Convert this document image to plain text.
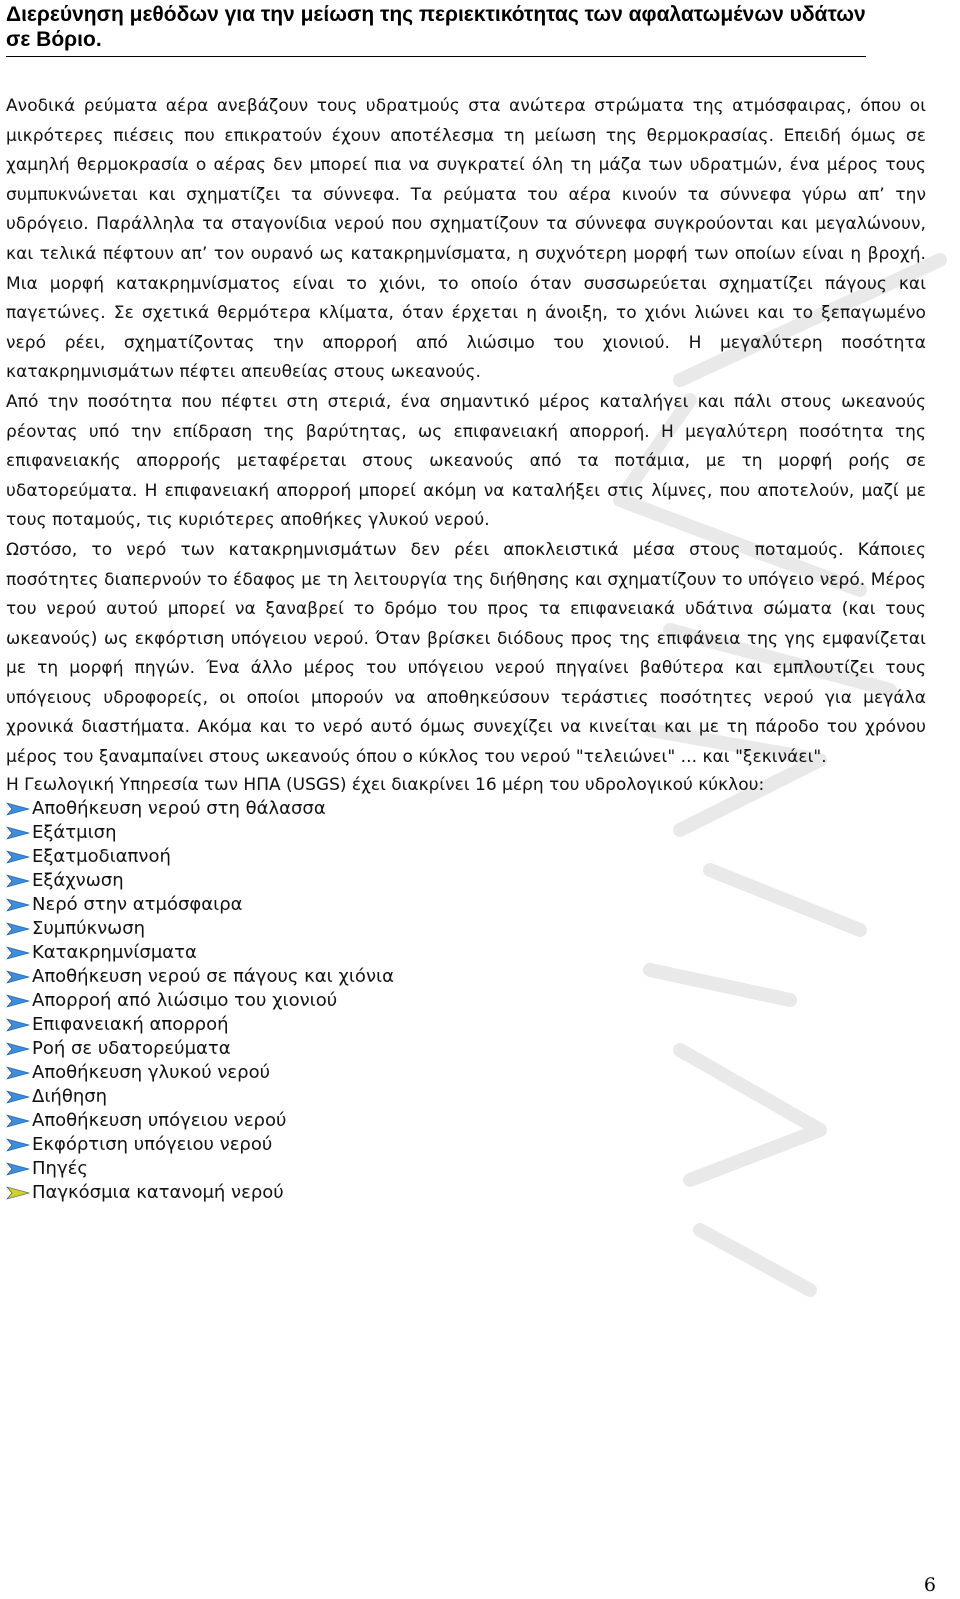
Διερεύνηση μεθόδων για την μείωση της περιεκτικότητας των αφαλατωμένων υδάτων σε Βόριο.

Ανοδικά ρεύματα αέρα ανεβάζουν τους υδρατμούς στα ανώτερα στρώματα της ατμόσφαιρας, όπου οι μικρότερες πιέσεις που επικρατούν έχουν αποτέλεσμα τη μείωση της θερμοκρασίας. Επειδή όμως σε χαμηλή θερμοκρασία ο αέρας δεν μπορεί πια να συγκρατεί όλη τη μάζα των υδρατμών, ένα μέρος τους συμπυκνώνεται και σχηματίζει τα σύννεφα. Τα ρεύματα του αέρα κινούν τα σύννεφα γύρω απ’ την υδρόγειο. Παράλληλα τα σταγονίδια νερού που σχηματίζουν τα σύννεφα συγκρούονται και μεγαλώνουν, και τελικά πέφτουν απ’ τον ουρανό ως κατακρημνίσματα, η συχνότερη μορφή των οποίων είναι η βροχή. Μια μορφή κατακρημνίσματος είναι το χιόνι, το οποίο όταν συσσωρεύεται σχηματίζει πάγους και παγετώνες. Σε σχετικά θερμότερα κλίματα, όταν έρχεται η άνοιξη, το χιόνι λιώνει και το ξεπαγωμένο νερό ρέει, σχηματίζοντας την απορροή από λιώσιμο του χιονιού. Η μεγαλύτερη ποσότητα κατακρημνισμάτων πέφτει απευθείας στους ωκεανούς.

Από την ποσότητα που πέφτει στη στεριά, ένα σημαντικό μέρος καταλήγει και πάλι στους ωκεανούς ρέοντας υπό την επίδραση της βαρύτητας, ως επιφανειακή απορροή. Η μεγαλύτερη ποσότητα της επιφανειακής απορροής μεταφέρεται στους ωκεανούς από τα ποτάμια, με τη μορφή ροής σε υδατορεύματα. Η επιφανειακή απορροή μπορεί ακόμη να καταλήξει στις λίμνες, που αποτελούν, μαζί με τους ποταμούς, τις κυριότερες αποθήκες γλυκού νερού.

Ωστόσο, το νερό των κατακρημνισμάτων δεν ρέει αποκλειστικά μέσα στους ποταμούς. Κάποιες ποσότητες διαπερνούν το έδαφος με τη λειτουργία της διήθησης και σχηματίζουν το υπόγειο νερό. Μέρος του νερού αυτού μπορεί να ξαναβρεί το δρόμο του προς τα επιφανειακά υδάτινα σώματα (και τους ωκεανούς) ως εκφόρτιση υπόγειου νερού. Όταν βρίσκει διόδους προς της επιφάνεια της γης εμφανίζεται με τη μορφή πηγών. Ένα άλλο μέρος του υπόγειου νερού πηγαίνει βαθύτερα και εμπλουτίζει τους υπόγειους υδροφορείς, οι οποίοι μπορούν να αποθηκεύσουν τεράστιες ποσότητες νερού για μεγάλα χρονικά διαστήματα. Ακόμα και το νερό αυτό όμως συνεχίζει να κινείται και με τη πάροδο του χρόνου μέρος του ξαναμπαίνει στους ωκεανούς όπου ο κύκλος του νερού "τελειώνει" ... και "ξεκινάει".

Η Γεωλογική Υπηρεσία των ΗΠΑ (USGS) έχει διακρίνει 16 μέρη του υδρολογικού κύκλου:

Αποθήκευση νερού στη θάλασσα
Εξάτμιση
Εξατμοδιαπνοή
Εξάχνωση
Νερό στην ατμόσφαιρα
Συμπύκνωση
Κατακρημνίσματα
Αποθήκευση νερού σε πάγους και χιόνια
Απορροή από λιώσιμο του χιονιού
Επιφανειακή απορροή
Ροή σε υδατορεύματα
Αποθήκευση γλυκού νερού
Διήθηση
Αποθήκευση υπόγειου νερού
Εκφόρτιση υπόγειου νερού
Πηγές
Παγκόσμια κατανομή νερού
6
